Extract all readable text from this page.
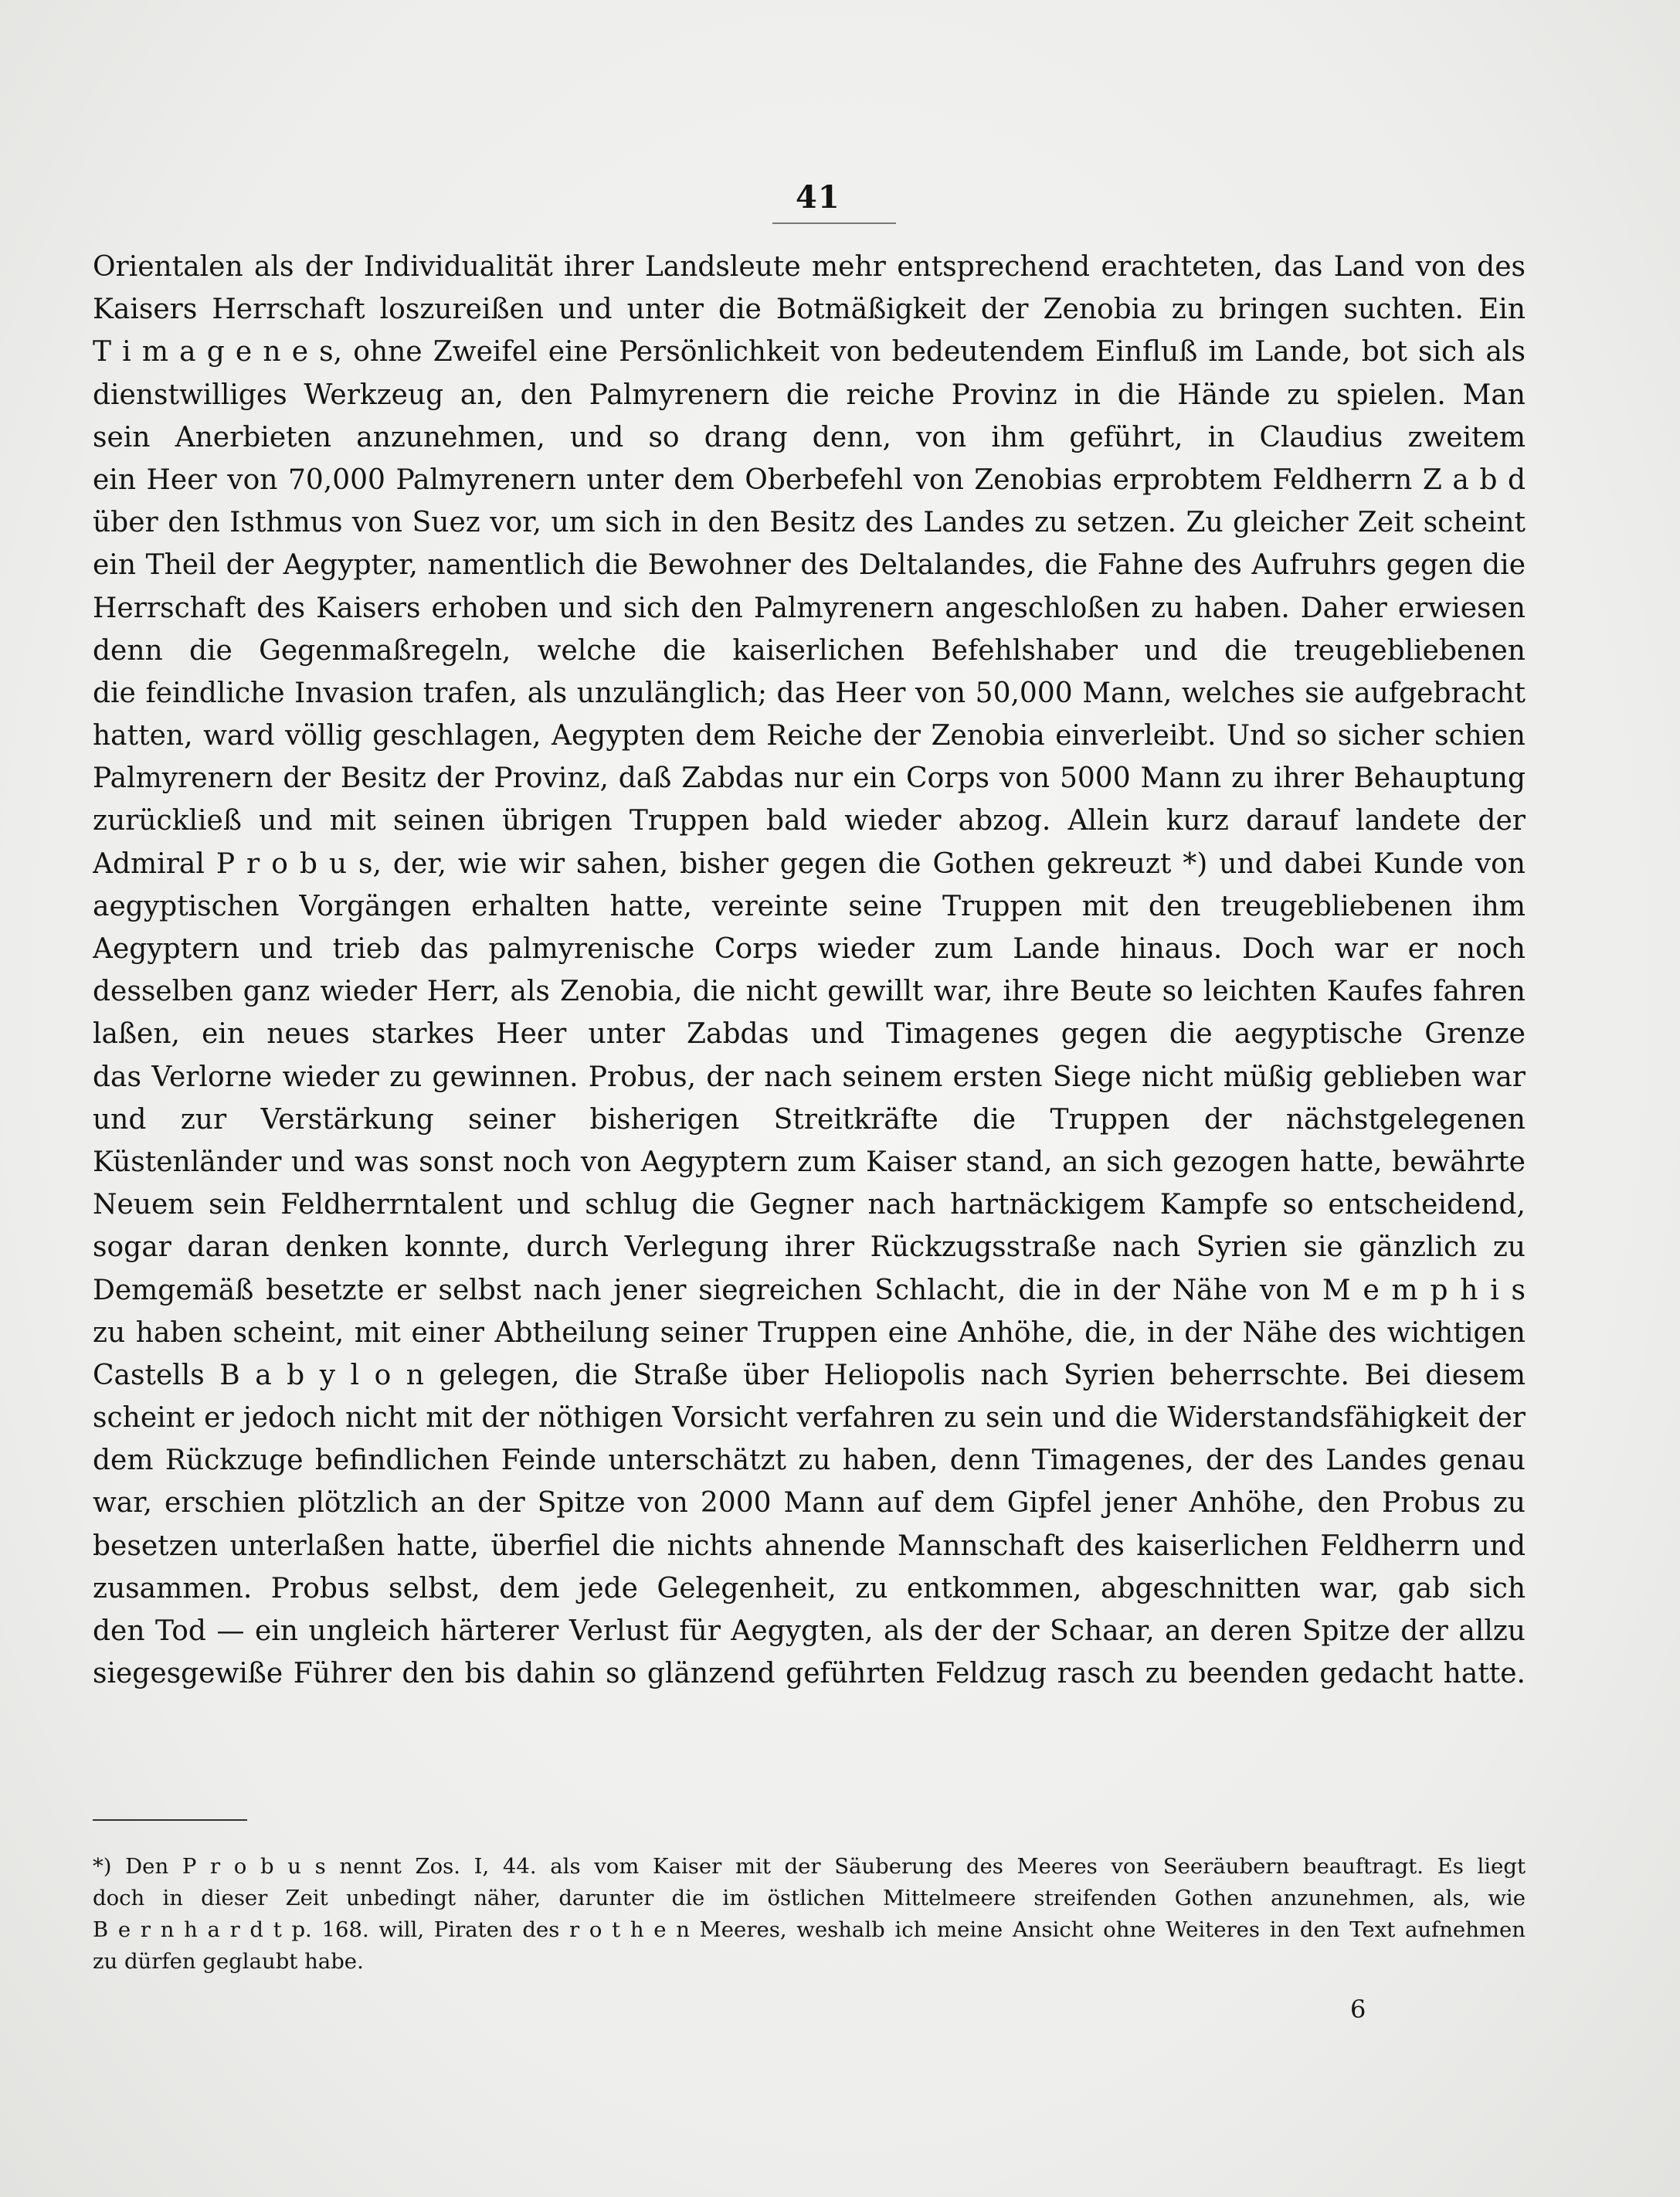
41
Orientalen als der Individualität ihrer Landsleute mehr entsprechend erachteten, das Land von des
Kaisers Herrschaft loszureißen und unter die Botmäßigkeit der Zenobia zu bringen suchten. Ein
T i m a g e n e s, ohne Zweifel eine Persönlichkeit von bedeutendem Einfluß im Lande, bot sich als
dienstwilliges Werkzeug an, den Palmyrenern die reiche Provinz in die Hände zu spielen. Man
sein Anerbieten anzunehmen, und so drang denn, von ihm geführt, in Claudius zweitem
ein Heer von 70,000 Palmyrenern unter dem Oberbefehl von Zenobias erprobtem Feldherrn Z a b d
über den Isthmus von Suez vor, um sich in den Besitz des Landes zu setzen. Zu gleicher Zeit scheint
ein Theil der Aegypter, namentlich die Bewohner des Deltalandes, die Fahne des Aufruhrs gegen die
Herrschaft des Kaisers erhoben und sich den Palmyrenern angeschloßen zu haben. Daher erwiesen
denn die Gegenmaßregeln, welche die kaiserlichen Befehlshaber und die treugebliebenen
die feindliche Invasion trafen, als unzulänglich; das Heer von 50,000 Mann, welches sie aufgebracht
hatten, ward völlig geschlagen, Aegypten dem Reiche der Zenobia einverleibt. Und so sicher schien
Palmyrenern der Besitz der Provinz, daß Zabdas nur ein Corps von 5000 Mann zu ihrer Behauptung
zurückließ und mit seinen übrigen Truppen bald wieder abzog. Allein kurz darauf landete der
Admiral P r o b u s, der, wie wir sahen, bisher gegen die Gothen gekreuzt *) und dabei Kunde von
aegyptischen Vorgängen erhalten hatte, vereinte seine Truppen mit den treugebliebenen ihm
Aegyptern und trieb das palmyrenische Corps wieder zum Lande hinaus. Doch war er noch
desselben ganz wieder Herr, als Zenobia, die nicht gewillt war, ihre Beute so leichten Kaufes fahren
laßen, ein neues starkes Heer unter Zabdas und Timagenes gegen die aegyptische Grenze
das Verlorne wieder zu gewinnen. Probus, der nach seinem ersten Siege nicht müßig geblieben war
und zur Verstärkung seiner bisherigen Streitkräfte die Truppen der nächstgelegenen
Küstenländer und was sonst noch von Aegyptern zum Kaiser stand, an sich gezogen hatte, bewährte
Neuem sein Feldherrntalent und schlug die Gegner nach hartnäckigem Kampfe so entscheidend,
sogar daran denken konnte, durch Verlegung ihrer Rückzugsstraße nach Syrien sie gänzlich zu
Demgemäß besetzte er selbst nach jener siegreichen Schlacht, die in der Nähe von M e m p h i s
zu haben scheint, mit einer Abtheilung seiner Truppen eine Anhöhe, die, in der Nähe des wichtigen
Castells B a b y l o n gelegen, die Straße über Heliopolis nach Syrien beherrschte. Bei diesem
scheint er jedoch nicht mit der nöthigen Vorsicht verfahren zu sein und die Widerstandsfähigkeit der
dem Rückzuge befindlichen Feinde unterschätzt zu haben, denn Timagenes, der des Landes genau
war, erschien plötzlich an der Spitze von 2000 Mann auf dem Gipfel jener Anhöhe, den Probus zu
besetzen unterlaßen hatte, überfiel die nichts ahnende Mannschaft des kaiserlichen Feldherrn und
zusammen. Probus selbst, dem jede Gelegenheit, zu entkommen, abgeschnitten war, gab sich
den Tod — ein ungleich härterer Verlust für Aegygten, als der der Schaar, an deren Spitze der allzu
siegesgewiße Führer den bis dahin so glänzend geführten Feldzug rasch zu beenden gedacht hatte.
*) Den P r o b u s nennt Zos. I, 44. als vom Kaiser mit der Säuberung des Meeres von Seeräubern beauftragt. Es liegt
doch in dieser Zeit unbedingt näher, darunter die im östlichen Mittelmeere streifenden Gothen anzunehmen, als, wie
B e r n h a r d t p. 168. will, Piraten des r o t h e n Meeres, weshalb ich meine Ansicht ohne Weiteres in den Text aufnehmen
zu dürfen geglaubt habe.
6
